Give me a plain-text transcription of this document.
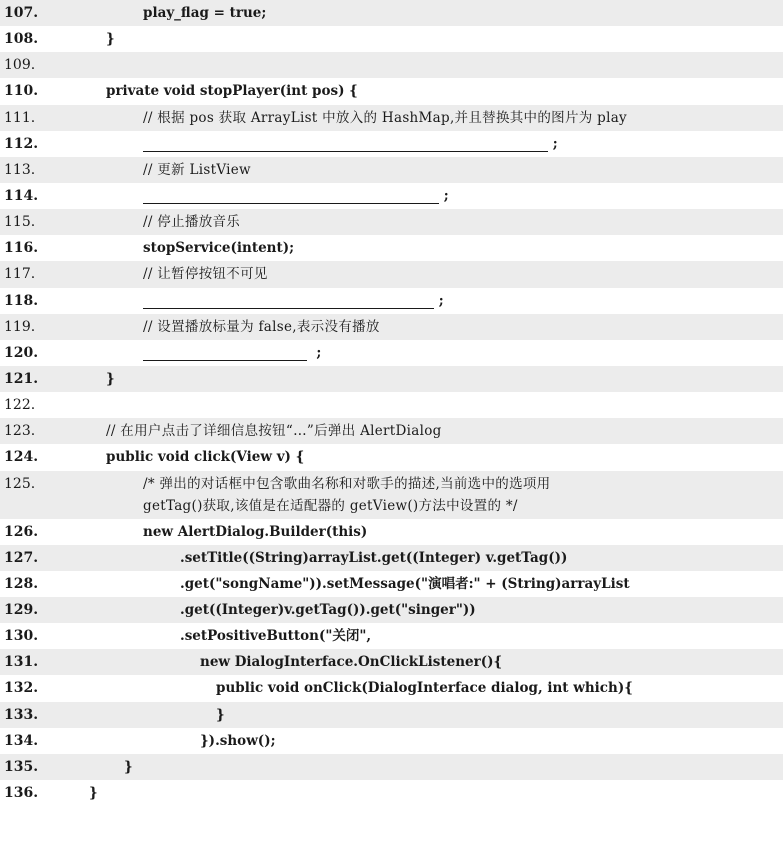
107.	play_flag = true;
108.	}
109.
110.	private void stopPlayer(int pos) {
111.	// 根据 pos 获取 ArrayList 中放入的 HashMap,并且替换其中的图片为 play
112.	;
113.	// 更新 ListView
114.	;
115.	// 停止播放音乐
116.	stopService(intent);
117.	// 让暂停按钮不可见
118.	;
119.	// 设置播放标量为 false,表示没有播放
120.	;
121.	}
122.
123.	// 在用户点击了详细信息按钮“…”后弹出 AlertDialog
124.	public void click(View v) {
125.	/* 弹出的对话框中包含歌曲名称和对歌手的描述,当前选中的选项用
getTag()获取,该值是在适配器的 getView()方法中设置的 */
126.	new AlertDialog.Builder(this)
127.	.setTitle((String)arrayList.get((Integer) v.getTag())
128.	.get("songName")).setMessage("演唱者:" + (String)arrayList
129.	.get((Integer)v.getTag()).get("singer"))
130.	.setPositiveButton("关闭",
131.	new DialogInterface.OnClickListener(){
132.	public void onClick(DialogInterface dialog, int which){
133.	}
134.	}).show();
135.	}
136.	}
